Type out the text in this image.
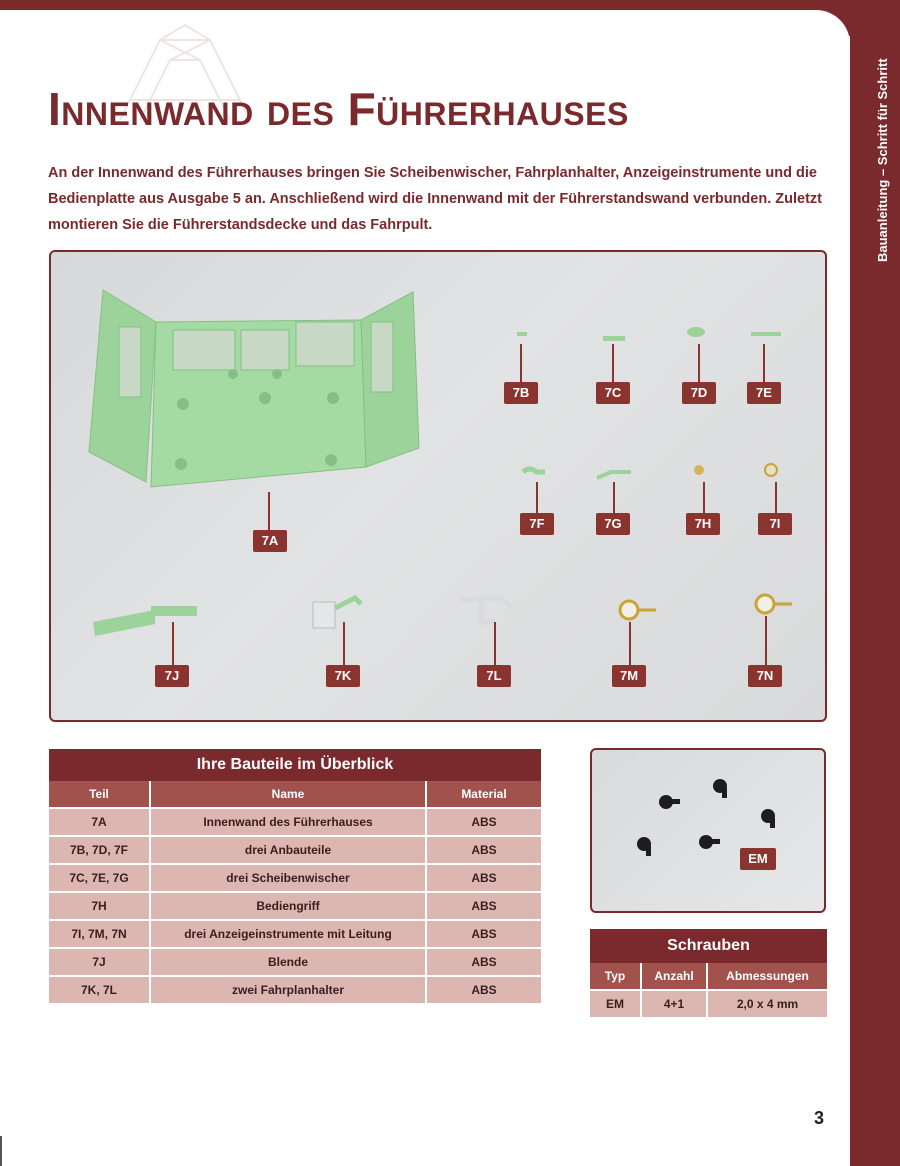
Bauanleitung – Schritt für Schritt
Innenwand des Führerhauses

An der Innenwand des Führerhauses bringen Sie Scheibenwischer, Fahrplanhalter, Anzeigeinstrumente und die Bedienplatte aus Ausgabe 5 an. Anschließend wird die Innenwand mit der Führerstandswand verbunden. Zuletzt montieren Sie die Führerstandsdecke und das Fahrpult.

7A
7B	7C	7D	7E
7F	7G	7H	7I
7J	7K	7L	7M	7N
Ihre Bauteile im Überblick
Teil	Name	Material
7A	Innenwand des Führerhauses	ABS
7B, 7D, 7F	drei Anbauteile	ABS
7C, 7E, 7G	drei Scheibenwischer	ABS
7H	Bediengriff	ABS
7I, 7M, 7N	drei Anzeigeinstrumente mit Leitung	ABS
7J	Blende	ABS
7K, 7L	zwei Fahrplanhalter	ABS
EM
Schrauben
Typ	Anzahl	Abmessungen
EM	4+1	2,0 x 4 mm
3
